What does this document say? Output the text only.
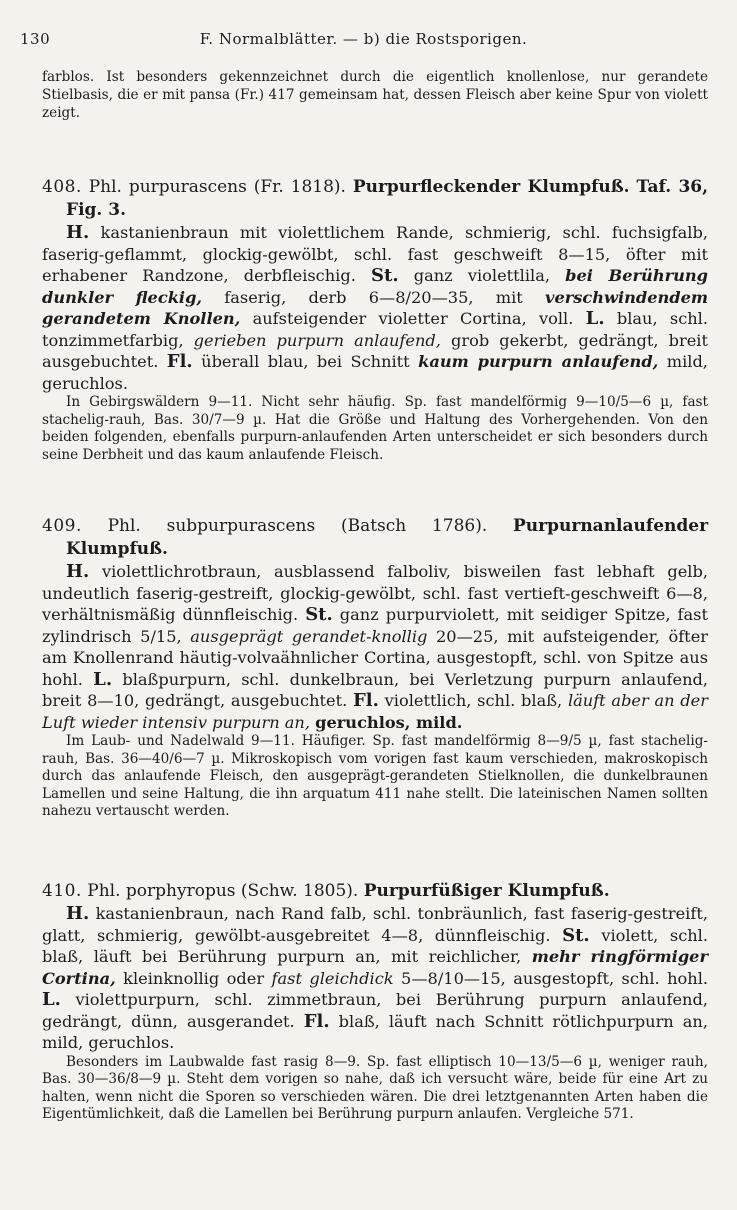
130	F. Normalblätter. — b) die Rostsporigen.

farblos. Ist besonders gekennzeichnet durch die eigentlich knollenlose, nur gerandete Stielbasis, die er mit pansa (Fr.) 417 gemeinsam hat, dessen Fleisch aber keine Spur von violett zeigt.

408. Phl. purpurascens (Fr. 1818). Purpurfleckender Klumpfuß. Taf. 36, Fig. 3.

H. kastanienbraun mit violettlichem Rande, schmierig, schl. fuchsigfalb, faserig-geflammt, glockig-gewölbt, schl. fast geschweift 8—15, öfter mit erhabener Randzone, derbfleischig. St. ganz violettlila, bei Berührung dunkler fleckig, faserig, derb 6—8/20—35, mit verschwindendem gerandetem Knollen, aufsteigender violetter Cortina, voll. L. blau, schl. tonzimmetfarbig, gerieben purpurn anlaufend, grob gekerbt, gedrängt, breit ausgebuchtet. Fl. überall blau, bei Schnitt kaum purpurn anlaufend, mild, geruchlos.

In Gebirgswäldern 9—11. Nicht sehr häufig. Sp. fast mandelförmig 9—10/5—6 µ, fast stachelig-rauh, Bas. 30/7—9 µ. Hat die Größe und Haltung des Vorhergehenden. Von den beiden folgenden, ebenfalls purpurn-anlaufenden Arten unterscheidet er sich besonders durch seine Derbheit und das kaum anlaufende Fleisch.

409. Phl. subpurpurascens (Batsch 1786). Purpurnanlaufender Klumpfuß.

H. violettlichrotbraun, ausblassend falboliv, bisweilen fast lebhaft gelb, undeutlich faserig-gestreift, glockig-gewölbt, schl. fast vertieft-geschweift 6—8, verhältnismäßig dünnfleischig. St. ganz purpurviolett, mit seidiger Spitze, fast zylindrisch 5/15, ausgeprägt gerandet-knollig 20—25, mit aufsteigender, öfter am Knollenrand häutig-volvaähnlicher Cortina, ausgestopft, schl. von Spitze aus hohl. L. blaßpurpurn, schl. dunkelbraun, bei Verletzung purpurn anlaufend, breit 8—10, gedrängt, ausgebuchtet. Fl. violettlich, schl. blaß, läuft aber an der Luft wieder intensiv purpurn an, geruchlos, mild.

Im Laub- und Nadelwald 9—11. Häufiger. Sp. fast mandelförmig 8—9/5 µ, fast stachelig-rauh, Bas. 36—40/6—7 µ. Mikroskopisch vom vorigen fast kaum verschieden, makroskopisch durch das anlaufende Fleisch, den ausgeprägt-gerandeten Stielknollen, die dunkelbraunen Lamellen und seine Haltung, die ihn arquatum 411 nahe stellt. Die lateinischen Namen sollten nahezu vertauscht werden.

410. Phl. porphyropus (Schw. 1805). Purpurfüßiger Klumpfuß.

H. kastanienbraun, nach Rand falb, schl. tonbräunlich, fast faserig-gestreift, glatt, schmierig, gewölbt-ausgebreitet 4—8, dünnfleischig. St. violett, schl. blaß, läuft bei Berührung purpurn an, mit reichlicher, mehr ringförmiger Cortina, kleinknollig oder fast gleichdick 5—8/10—15, ausgestopft, schl. hohl. L. violettpurpurn, schl. zimmetbraun, bei Berührung purpurn anlaufend, gedrängt, dünn, ausgerandet. Fl. blaß, läuft nach Schnitt rötlichpurpurn an, mild, geruchlos.

Besonders im Laubwalde fast rasig 8—9. Sp. fast elliptisch 10—13/5—6 µ, weniger rauh, Bas. 30—36/8—9 µ. Steht dem vorigen so nahe, daß ich versucht wäre, beide für eine Art zu halten, wenn nicht die Sporen so verschieden wären. Die drei letztgenannten Arten haben die Eigentümlichkeit, daß die Lamellen bei Berührung purpurn anlaufen. Vergleiche 571.
